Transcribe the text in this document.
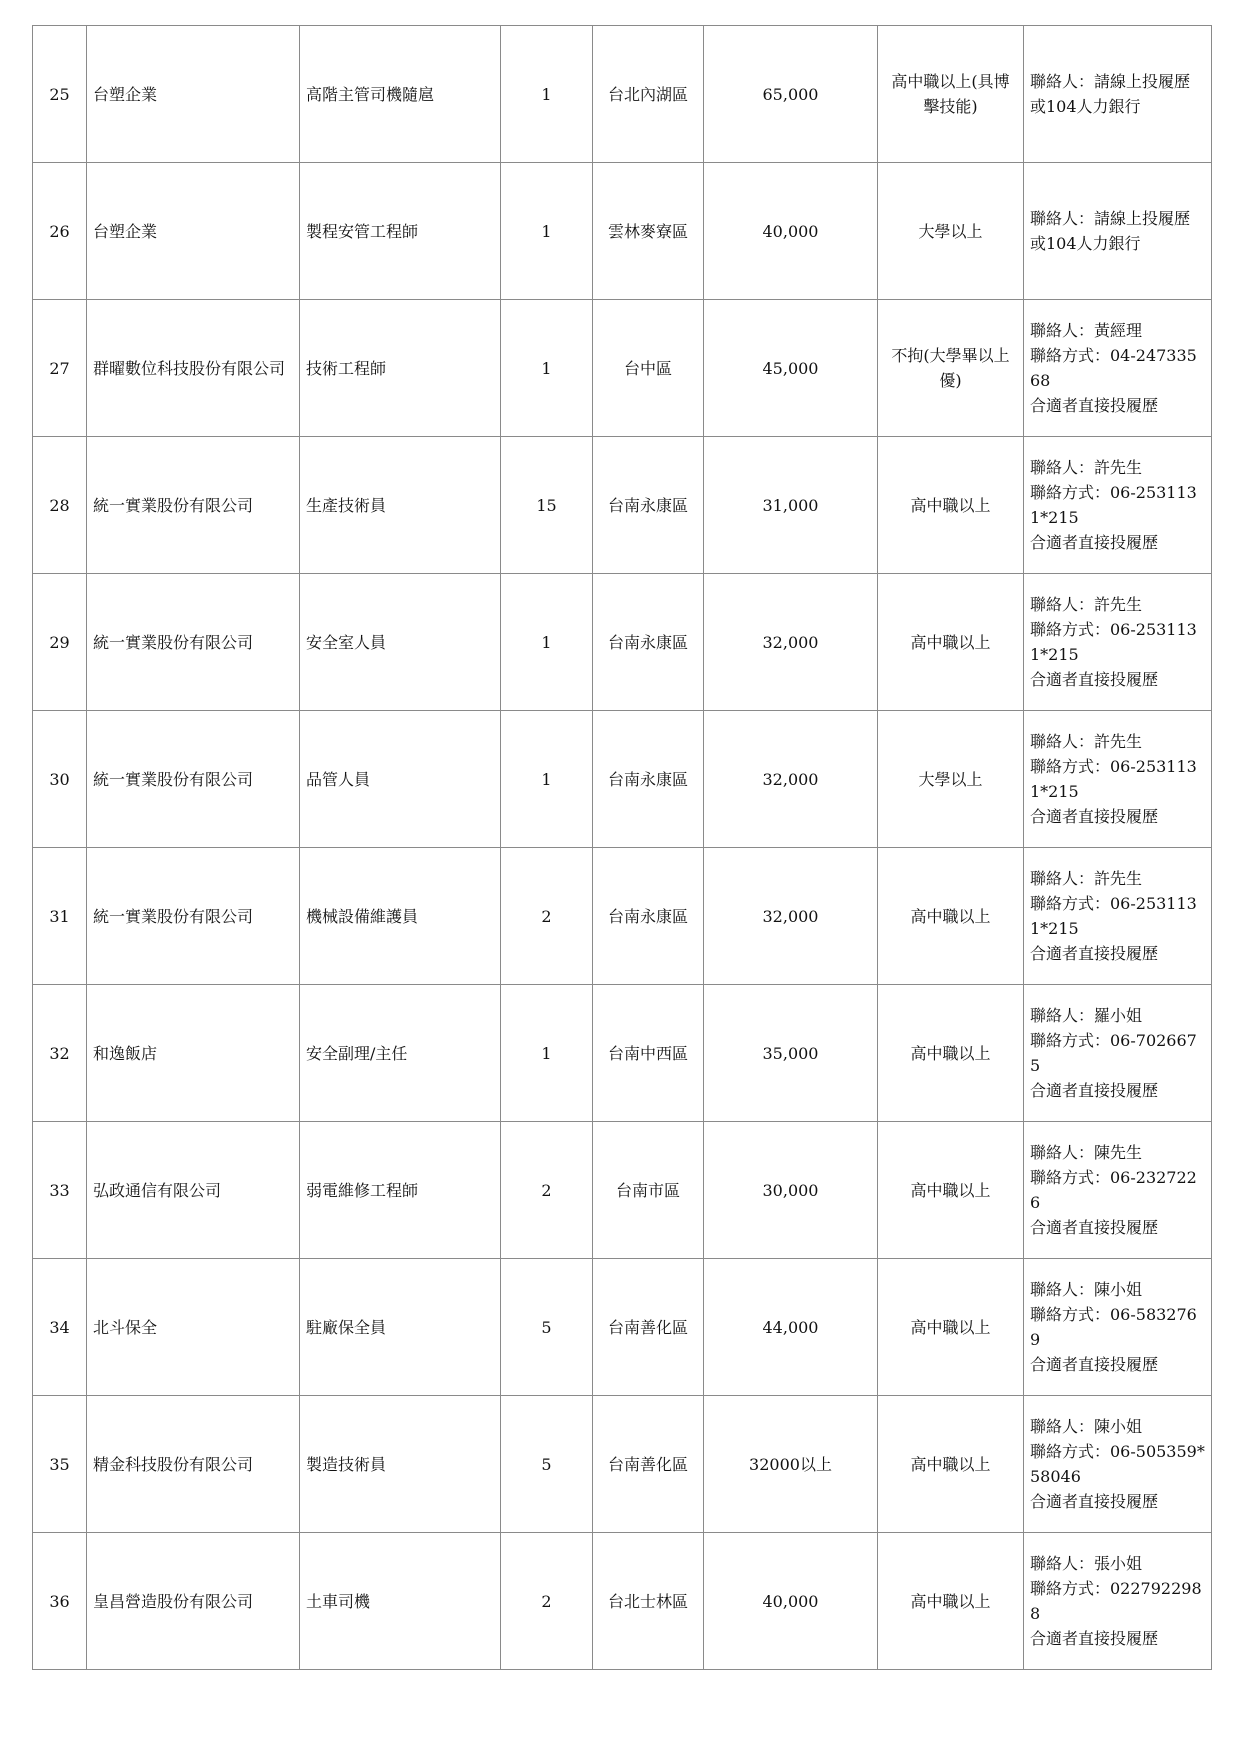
25	台塑企業	高階主管司機隨扈	1	台北內湖區	65,000	高中職以上(具博擊技能)	聯絡人：請線上投履歷或104人力銀行

26	台塑企業	製程安管工程師	1	雲林麥寮區	40,000	大學以上	聯絡人：請線上投履歷或104人力銀行

27	群曜數位科技股份有限公司	技術工程師	1	台中區	45,000	不拘(大學畢以上優)	聯絡人：黃經理
聯絡方式：04-24733568
合適者直接投履歷

28	統一實業股份有限公司	生產技術員	15	台南永康區	31,000	高中職以上	聯絡人：許先生
聯絡方式：06-2531131*215
合適者直接投履歷

29	統一實業股份有限公司	安全室人員	1	台南永康區	32,000	高中職以上	聯絡人：許先生
聯絡方式：06-2531131*215
合適者直接投履歷

30	統一實業股份有限公司	品管人員	1	台南永康區	32,000	大學以上	聯絡人：許先生
聯絡方式：06-2531131*215
合適者直接投履歷

31	統一實業股份有限公司	機械設備維護員	2	台南永康區	32,000	高中職以上	聯絡人：許先生
聯絡方式：06-2531131*215
合適者直接投履歷

32	和逸飯店	安全副理/主任	1	台南中西區	35,000	高中職以上	聯絡人：羅小姐
聯絡方式：06-7026675
合適者直接投履歷

33	弘政通信有限公司	弱電維修工程師	2	台南市區	30,000	高中職以上	聯絡人：陳先生
聯絡方式：06-2327226
合適者直接投履歷

34	北斗保全	駐廠保全員	5	台南善化區	44,000	高中職以上	聯絡人：陳小姐
聯絡方式：06-5832769
合適者直接投履歷

35	精金科技股份有限公司	製造技術員	5	台南善化區	32000以上	高中職以上	聯絡人：陳小姐
聯絡方式：06-505359*58046
合適者直接投履歷

36	皇昌營造股份有限公司	土車司機	2	台北士林區	40,000	高中職以上	聯絡人：張小姐
聯絡方式：0227922988
合適者直接投履歷
